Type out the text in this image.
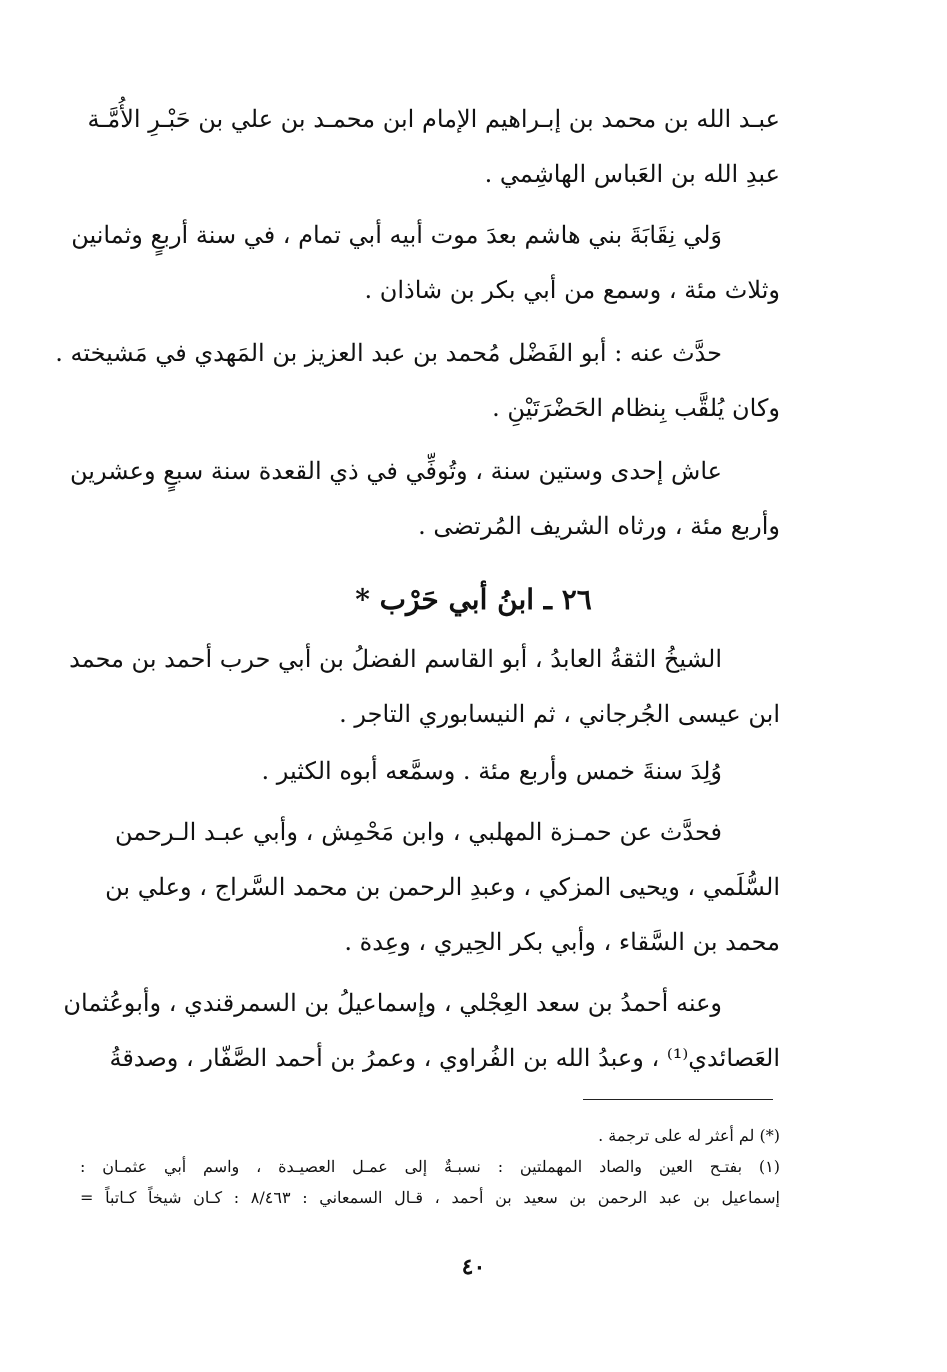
عبـد الله بن محمد بن إبـراهيم الإمام ابن محمـد بن علي بن حَبْـرِ الأُمَّـة
عبدِ الله بن العَباس الهاشِمي .
وَلي نِقَابَةَ بني هاشم بعدَ موت أبيه أبي تمام ، في سنة أربعٍ وثمانين
وثلاث مئة ، وسمع من أبي بكر بن شاذان .
حدَّث عنه : أبو الفَضْل مُحمد بن عبد العزيز بن المَهدي في مَشيخته .
وكان يُلقَّب بِنظام الحَضْرَتَيْنِ .
عاش إحدى وستين سنة ، وتُوفِّي في ذي القعدة سنة سبعٍ وعشرين
وأربع مئة ، ورثاه الشريف المُرتضى .
٢٦ ـ ابنُ أبي حَرْب ‎*
الشيخُ الثقةُ العابدُ ، أبو القاسم الفضلُ بن أبي حرب أحمد بن محمد
ابن عيسى الجُرجاني ، ثم النيسابوري التاجر .
وُلِدَ سنةَ خمس وأربع مئة . وسمَّعه أبوه الكثير .
فحدَّث عن حمـزة المهلبي ، وابن مَحْمِش ، وأبي عبـد الـرحمن
السُّلَمي ، ويحيى المزكي ، وعبدِ الرحمن بن محمد السَّراج ، وعلي بن
محمد بن السَّقاء ، وأبي بكر الحِيري ، وعِدة .
وعنه أحمدُ بن سعد العِجْلي ، وإسماعيلُ بن السمرقندي ، وأبوعُثمان
العَصائدي⁽¹⁾ ، وعبدُ الله بن الفُراوي ، وعمرُ بن أحمد الصَّفّار ، وصدقةُ
(*) لم أعثر له على ترجمة .
(١) بفتـح العين والصاد المهملتين : نسبـةٌ إلى عمـل العصيـدة ، واسم أبي عثمـان :
إسماعيل بن عبد الرحمن بن سعيد بن أحمد ، قـال السمعاني : ٨/٤٦٣ : كـان شيخاً كـاتباً =
٤٠
